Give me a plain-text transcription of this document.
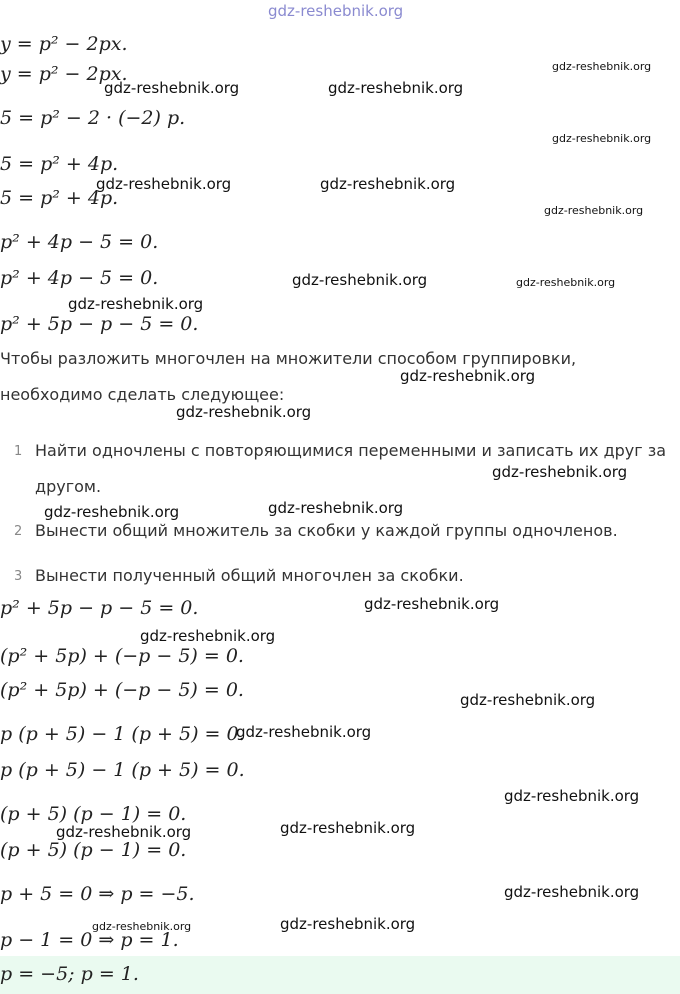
gdz-reshebnik.org
y = p² − 2px.
y = p² − 2px.
5 = p² − 2 · (−2) p.
5 = p² + 4p.
5 = p² + 4p.
p² + 4p − 5 = 0.
p² + 4p − 5 = 0.
p² + 5p − p − 5 = 0.
Чтобы разложить многочлен на множители способом группировки,
необходимо сделать следующее:
1 Найти одночлены с повторяющимися переменными и записать их друг за другом.
2 Вынести общий множитель за скобки у каждой группы одночленов.
3 Вынести полученный общий многочлен за скобки.
p² + 5p − p − 5 = 0.
(p² + 5p) + (−p − 5) = 0.
(p² + 5p) + (−p − 5) = 0.
p (p + 5) − 1 (p + 5) = 0.
p (p + 5) − 1 (p + 5) = 0.
(p + 5) (p − 1) = 0.
(p + 5) (p − 1) = 0.
p + 5 = 0 ⇒ p = −5.
p − 1 = 0 ⇒ p = 1.
p = −5; p = 1.
gdz-reshebnik.org
gdz-reshebnik.org	gdz-reshebnik.org
gdz-reshebnik.org
gdz-reshebnik.org	gdz-reshebnik.org
gdz-reshebnik.org
gdz-reshebnik.org	gdz-reshebnik.org
gdz-reshebnik.org
gdz-reshebnik.org
gdz-reshebnik.org
gdz-reshebnik.org
gdz-reshebnik.org	gdz-reshebnik.org
gdz-reshebnik.org
gdz-reshebnik.org
gdz-reshebnik.org
gdz-reshebnik.org
gdz-reshebnik.org
gdz-reshebnik.org	gdz-reshebnik.org
gdz-reshebnik.org
gdz-reshebnik.org
gdz-reshebnik.org
